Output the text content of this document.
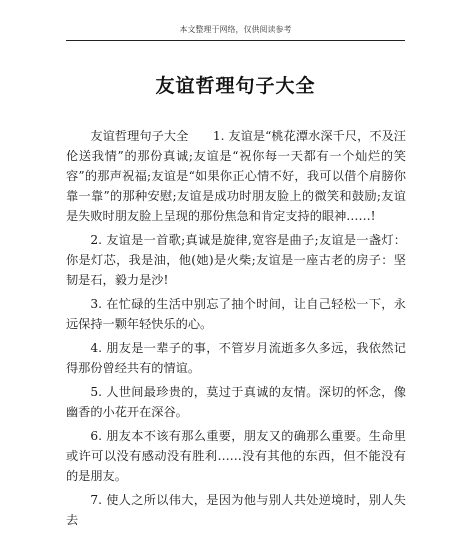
本文整理于网络，仅供阅读参考
友谊哲理句子大全

友谊哲理句子大全　　1. 友谊是“桃花潭水深千尺，不及汪伦送我情”的那份真诚;友谊是“祝你每一天都有一个灿烂的笑容”的那声祝福;友谊是“如果你正心情不好，我可以借个肩膀你靠一靠”的那种安慰;友谊是成功时朋友脸上的微笑和鼓励;友谊是失败时朋友脸上呈现的那份焦急和肯定支持的眼神……!

2. 友谊是一首歌;真诚是旋律,宽容是曲子;友谊是一盏灯：你是灯芯，我是油，他(她)是火柴;友谊是一座古老的房子：坚韧是石，毅力是沙!

3. 在忙碌的生活中别忘了抽个时间，让自己轻松一下，永远保持一颗年轻快乐的心。

4. 朋友是一辈子的事，不管岁月流逝多久多远，我依然记得那份曾经共有的情谊。

5. 人世间最珍贵的，莫过于真诚的友情。深切的怀念，像幽香的小花开在深谷。

6. 朋友本不该有那么重要，朋友又的确那么重要。生命里或许可以没有感动没有胜利……没有其他的东西，但不能没有的是朋友。

7. 使人之所以伟大，是因为他与别人共处逆境时，别人失去
